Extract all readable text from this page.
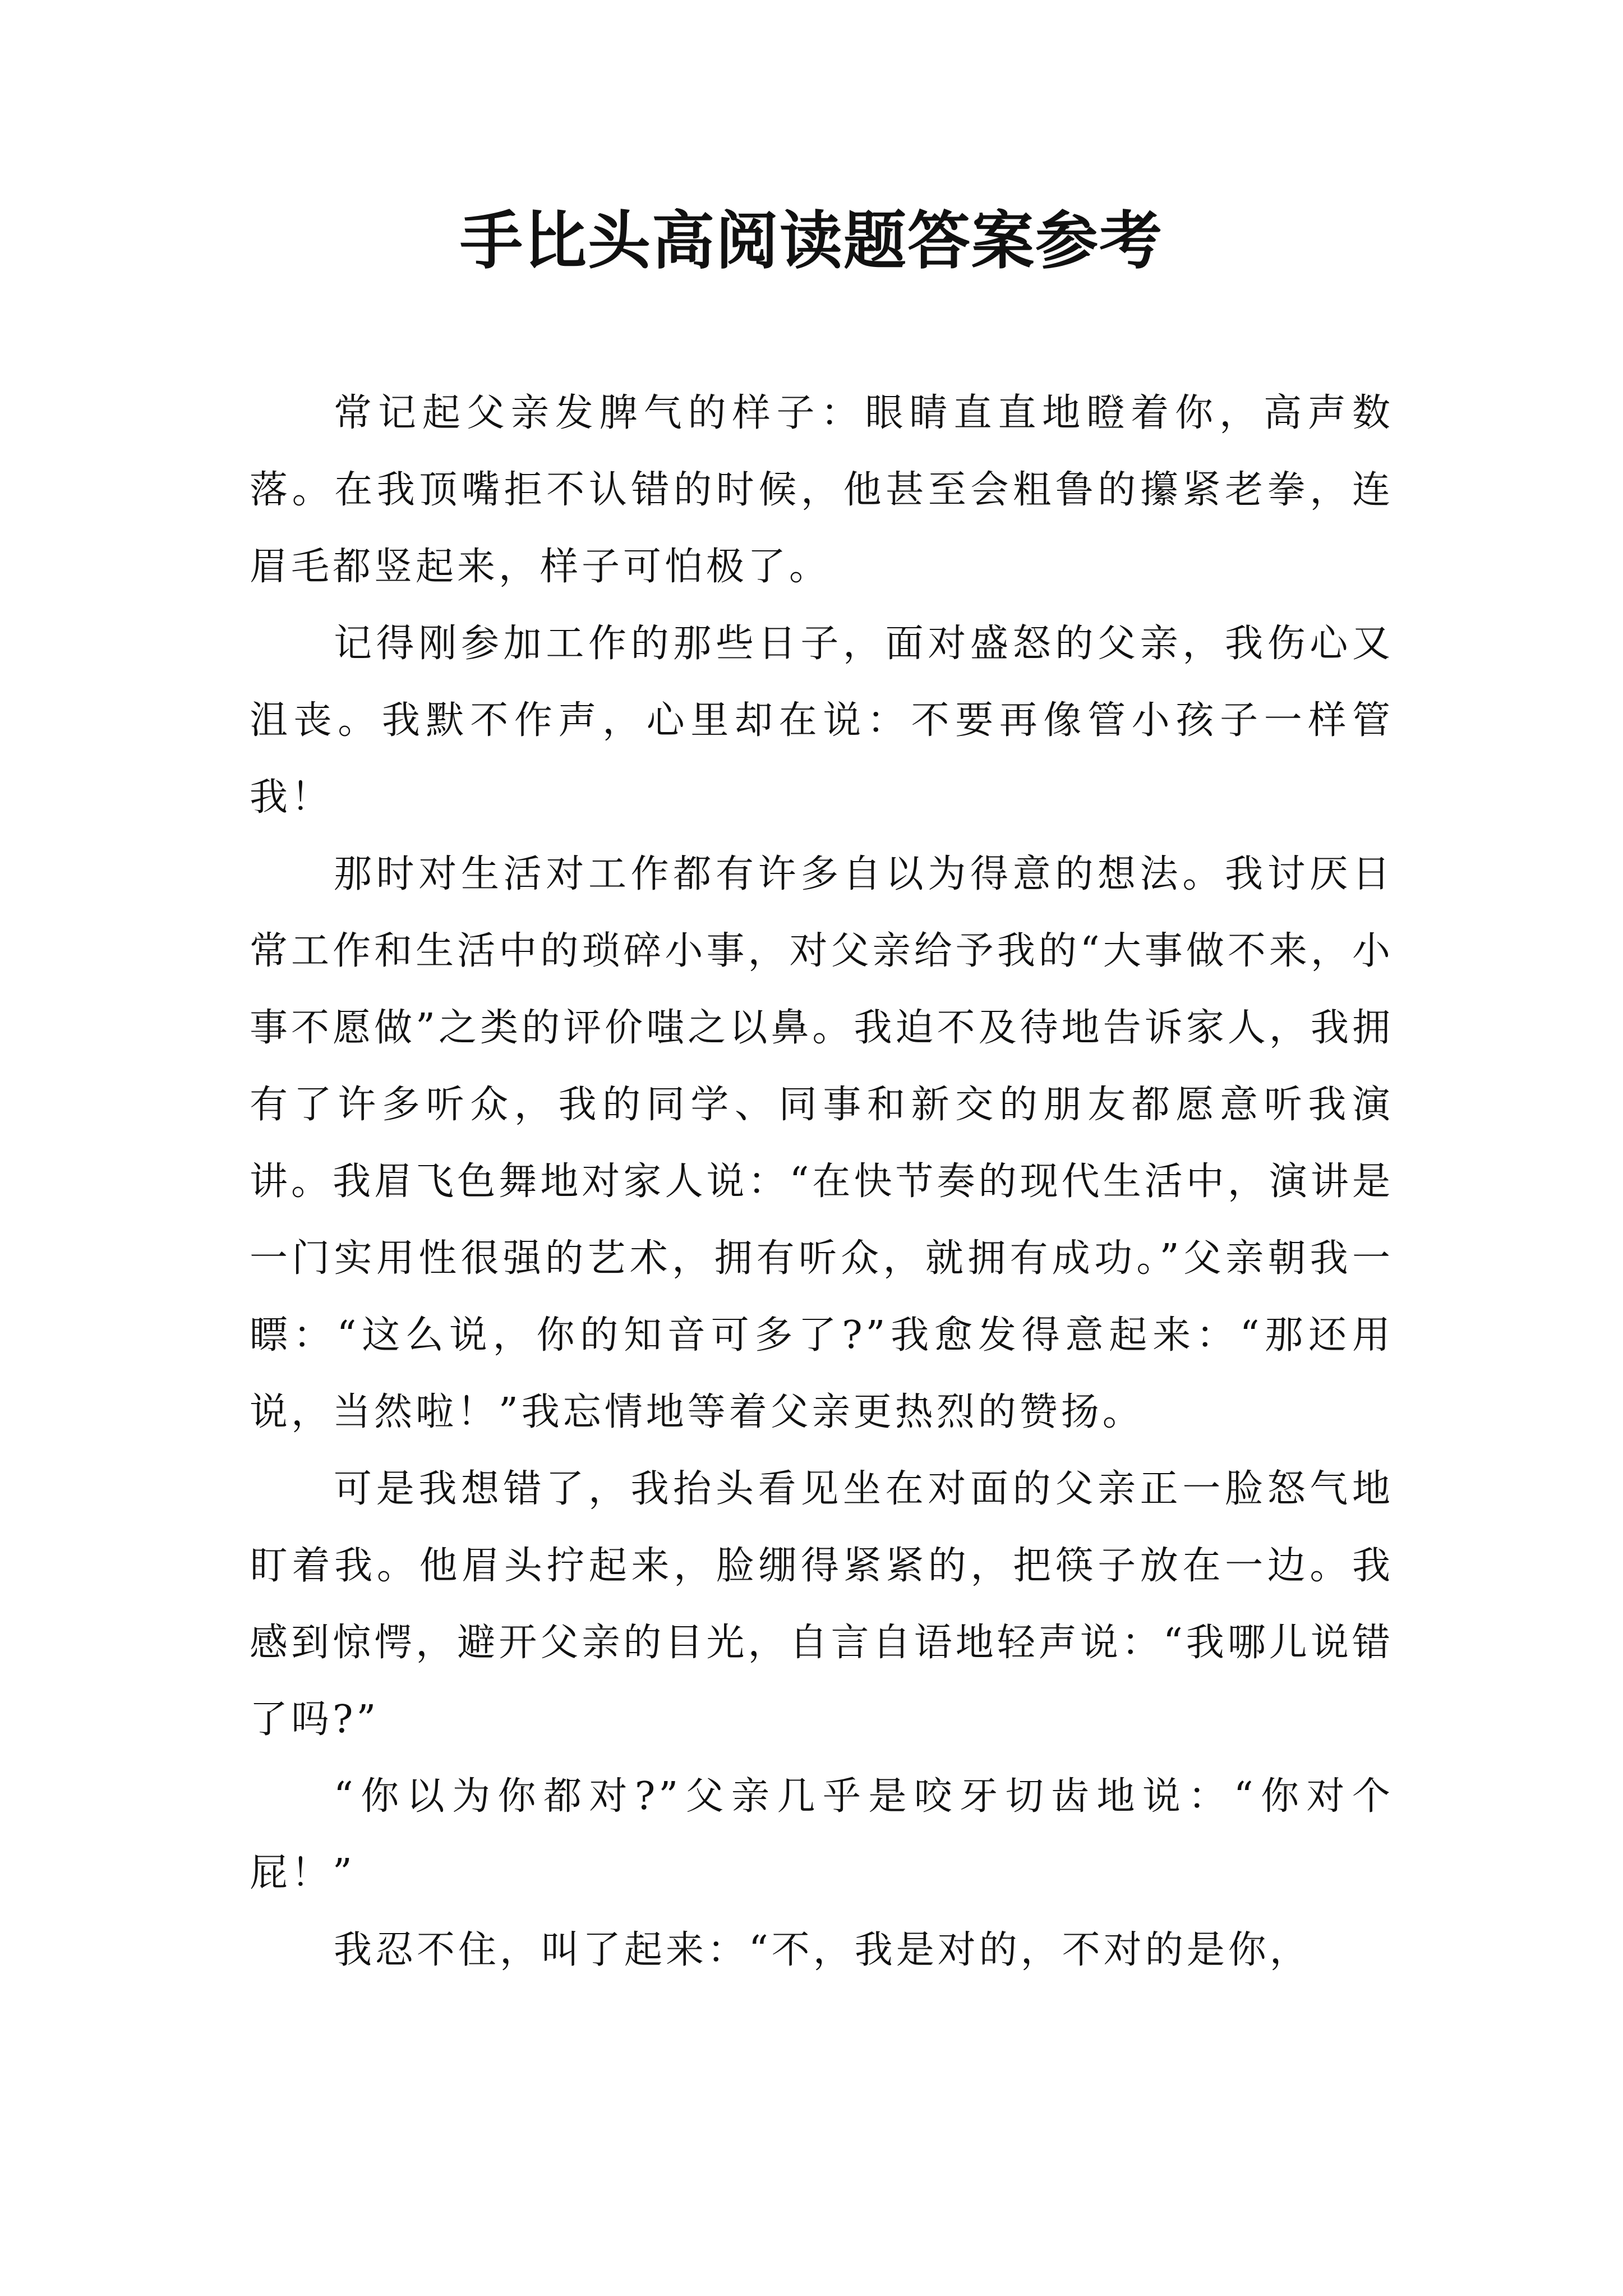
手比头高阅读题答案参考

常记起父亲发脾气的样子：眼睛直直地瞪着你，高声数落。在我顶嘴拒不认错的时候，他甚至会粗鲁的攥紧老拳，连眉毛都竖起来，样子可怕极了。

记得刚参加工作的那些日子，面对盛怒的父亲，我伤心又沮丧。我默不作声，心里却在说：不要再像管小孩子一样管我！

那时对生活对工作都有许多自以为得意的想法。我讨厌日常工作和生活中的琐碎小事，对父亲给予我的“大事做不来，小事不愿做”之类的评价嗤之以鼻。我迫不及待地告诉家人，我拥有了许多听众，我的同学、同事和新交的朋友都愿意听我演讲。我眉飞色舞地对家人说：“在快节奏的现代生活中，演讲是一门实用性很强的艺术，拥有听众，就拥有成功。”父亲朝我一瞟：“这么说，你的知音可多了?”我愈发得意起来：“那还用说，当然啦！”我忘情地等着父亲更热烈的赞扬。

可是我想错了，我抬头看见坐在对面的父亲正一脸怒气地盯着我。他眉头拧起来，脸绷得紧紧的，把筷子放在一边。我感到惊愕，避开父亲的目光，自言自语地轻声说：“我哪儿说错了吗?”

“你以为你都对?”父亲几乎是咬牙切齿地说：“你对个屁！”

我忍不住，叫了起来：“不，我是对的，不对的是你，
